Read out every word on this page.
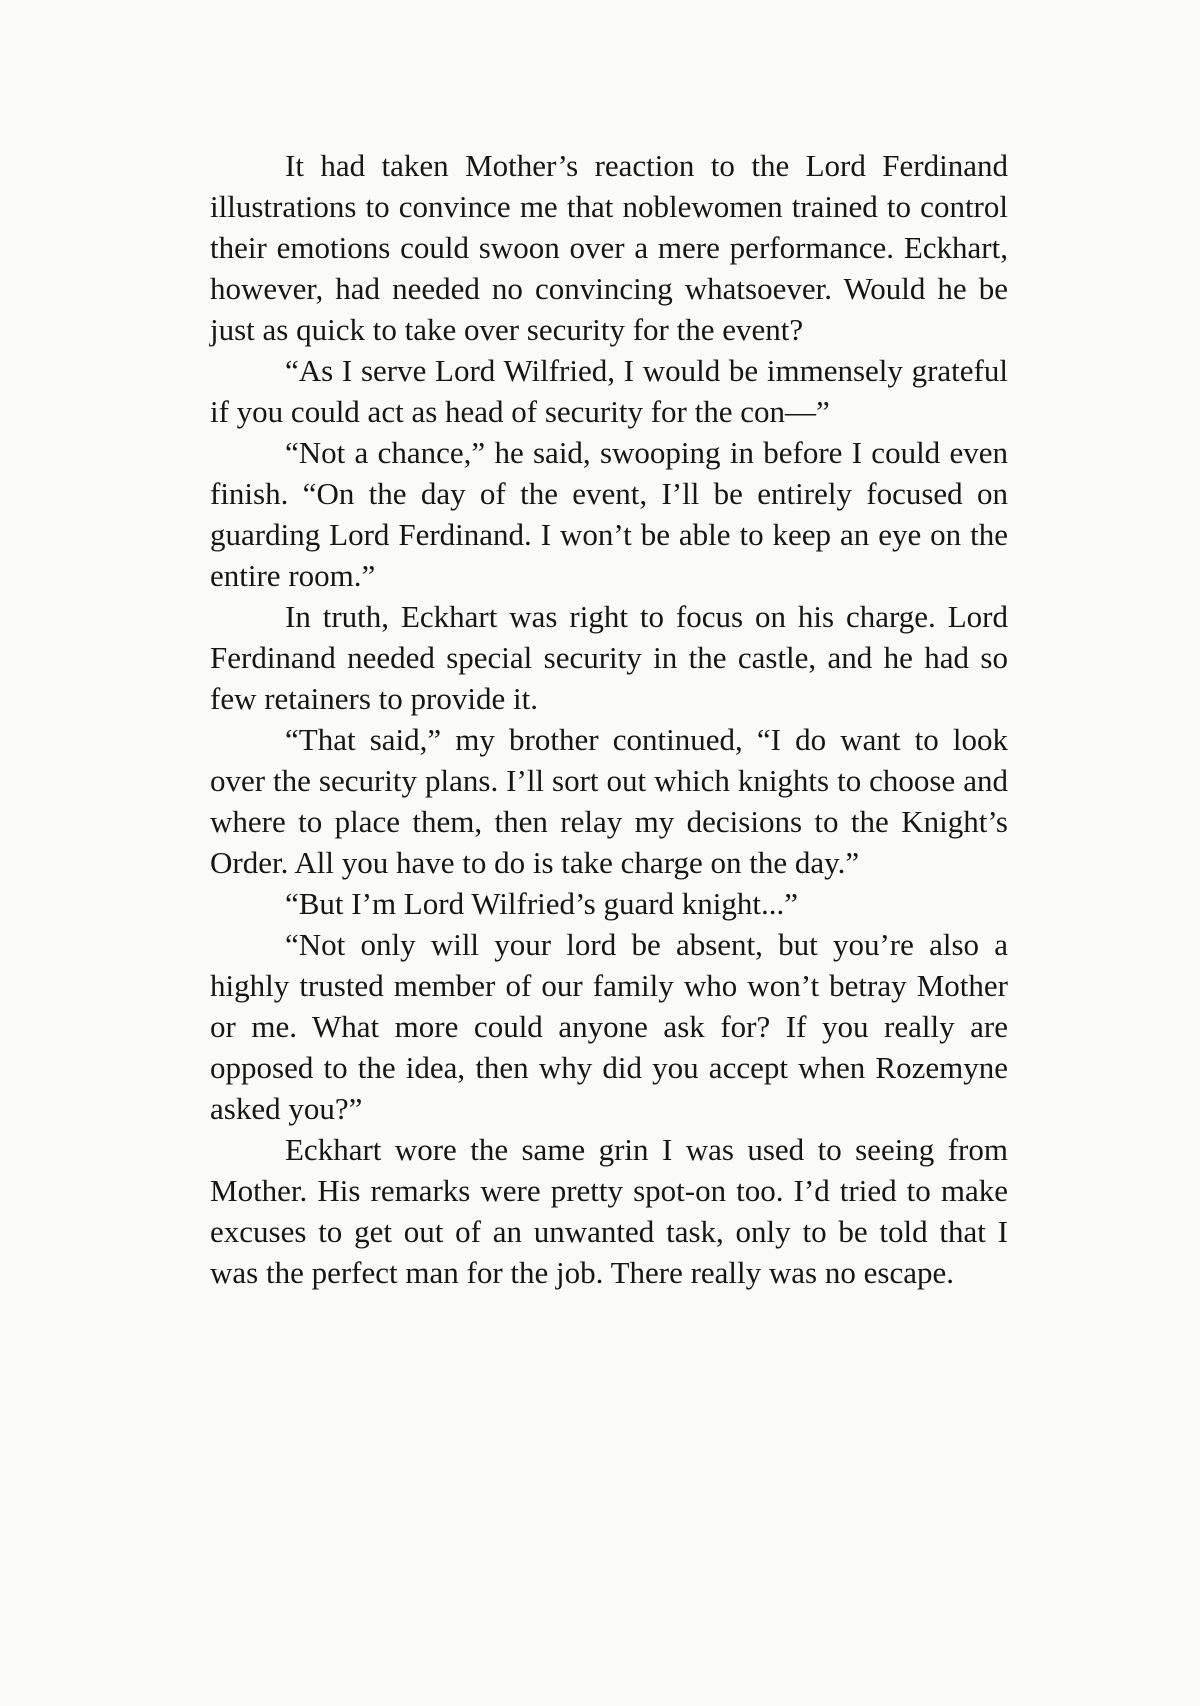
It had taken Mother’s reaction to the Lord Ferdinand illustrations to convince me that noblewomen trained to control their emotions could swoon over a mere performance. Eckhart, however, had needed no convincing whatsoever. Would he be just as quick to take over security for the event?

“As I serve Lord Wilfried, I would be immensely grateful if you could act as head of security for the con—”

“Not a chance,” he said, swooping in before I could even finish. “On the day of the event, I’ll be entirely focused on guarding Lord Ferdinand. I won’t be able to keep an eye on the entire room.”

In truth, Eckhart was right to focus on his charge. Lord Ferdinand needed special security in the castle, and he had so few retainers to provide it.

“That said,” my brother continued, “I do want to look over the security plans. I’ll sort out which knights to choose and where to place them, then relay my decisions to the Knight’s Order. All you have to do is take charge on the day.”

“But I’m Lord Wilfried’s guard knight...”

“Not only will your lord be absent, but you’re also a highly trusted member of our family who won’t betray Mother or me. What more could anyone ask for? If you really are opposed to the idea, then why did you accept when Rozemyne asked you?”

Eckhart wore the same grin I was used to seeing from Mother. His remarks were pretty spot-on too. I’d tried to make excuses to get out of an unwanted task, only to be told that I was the perfect man for the job. There really was no escape.
